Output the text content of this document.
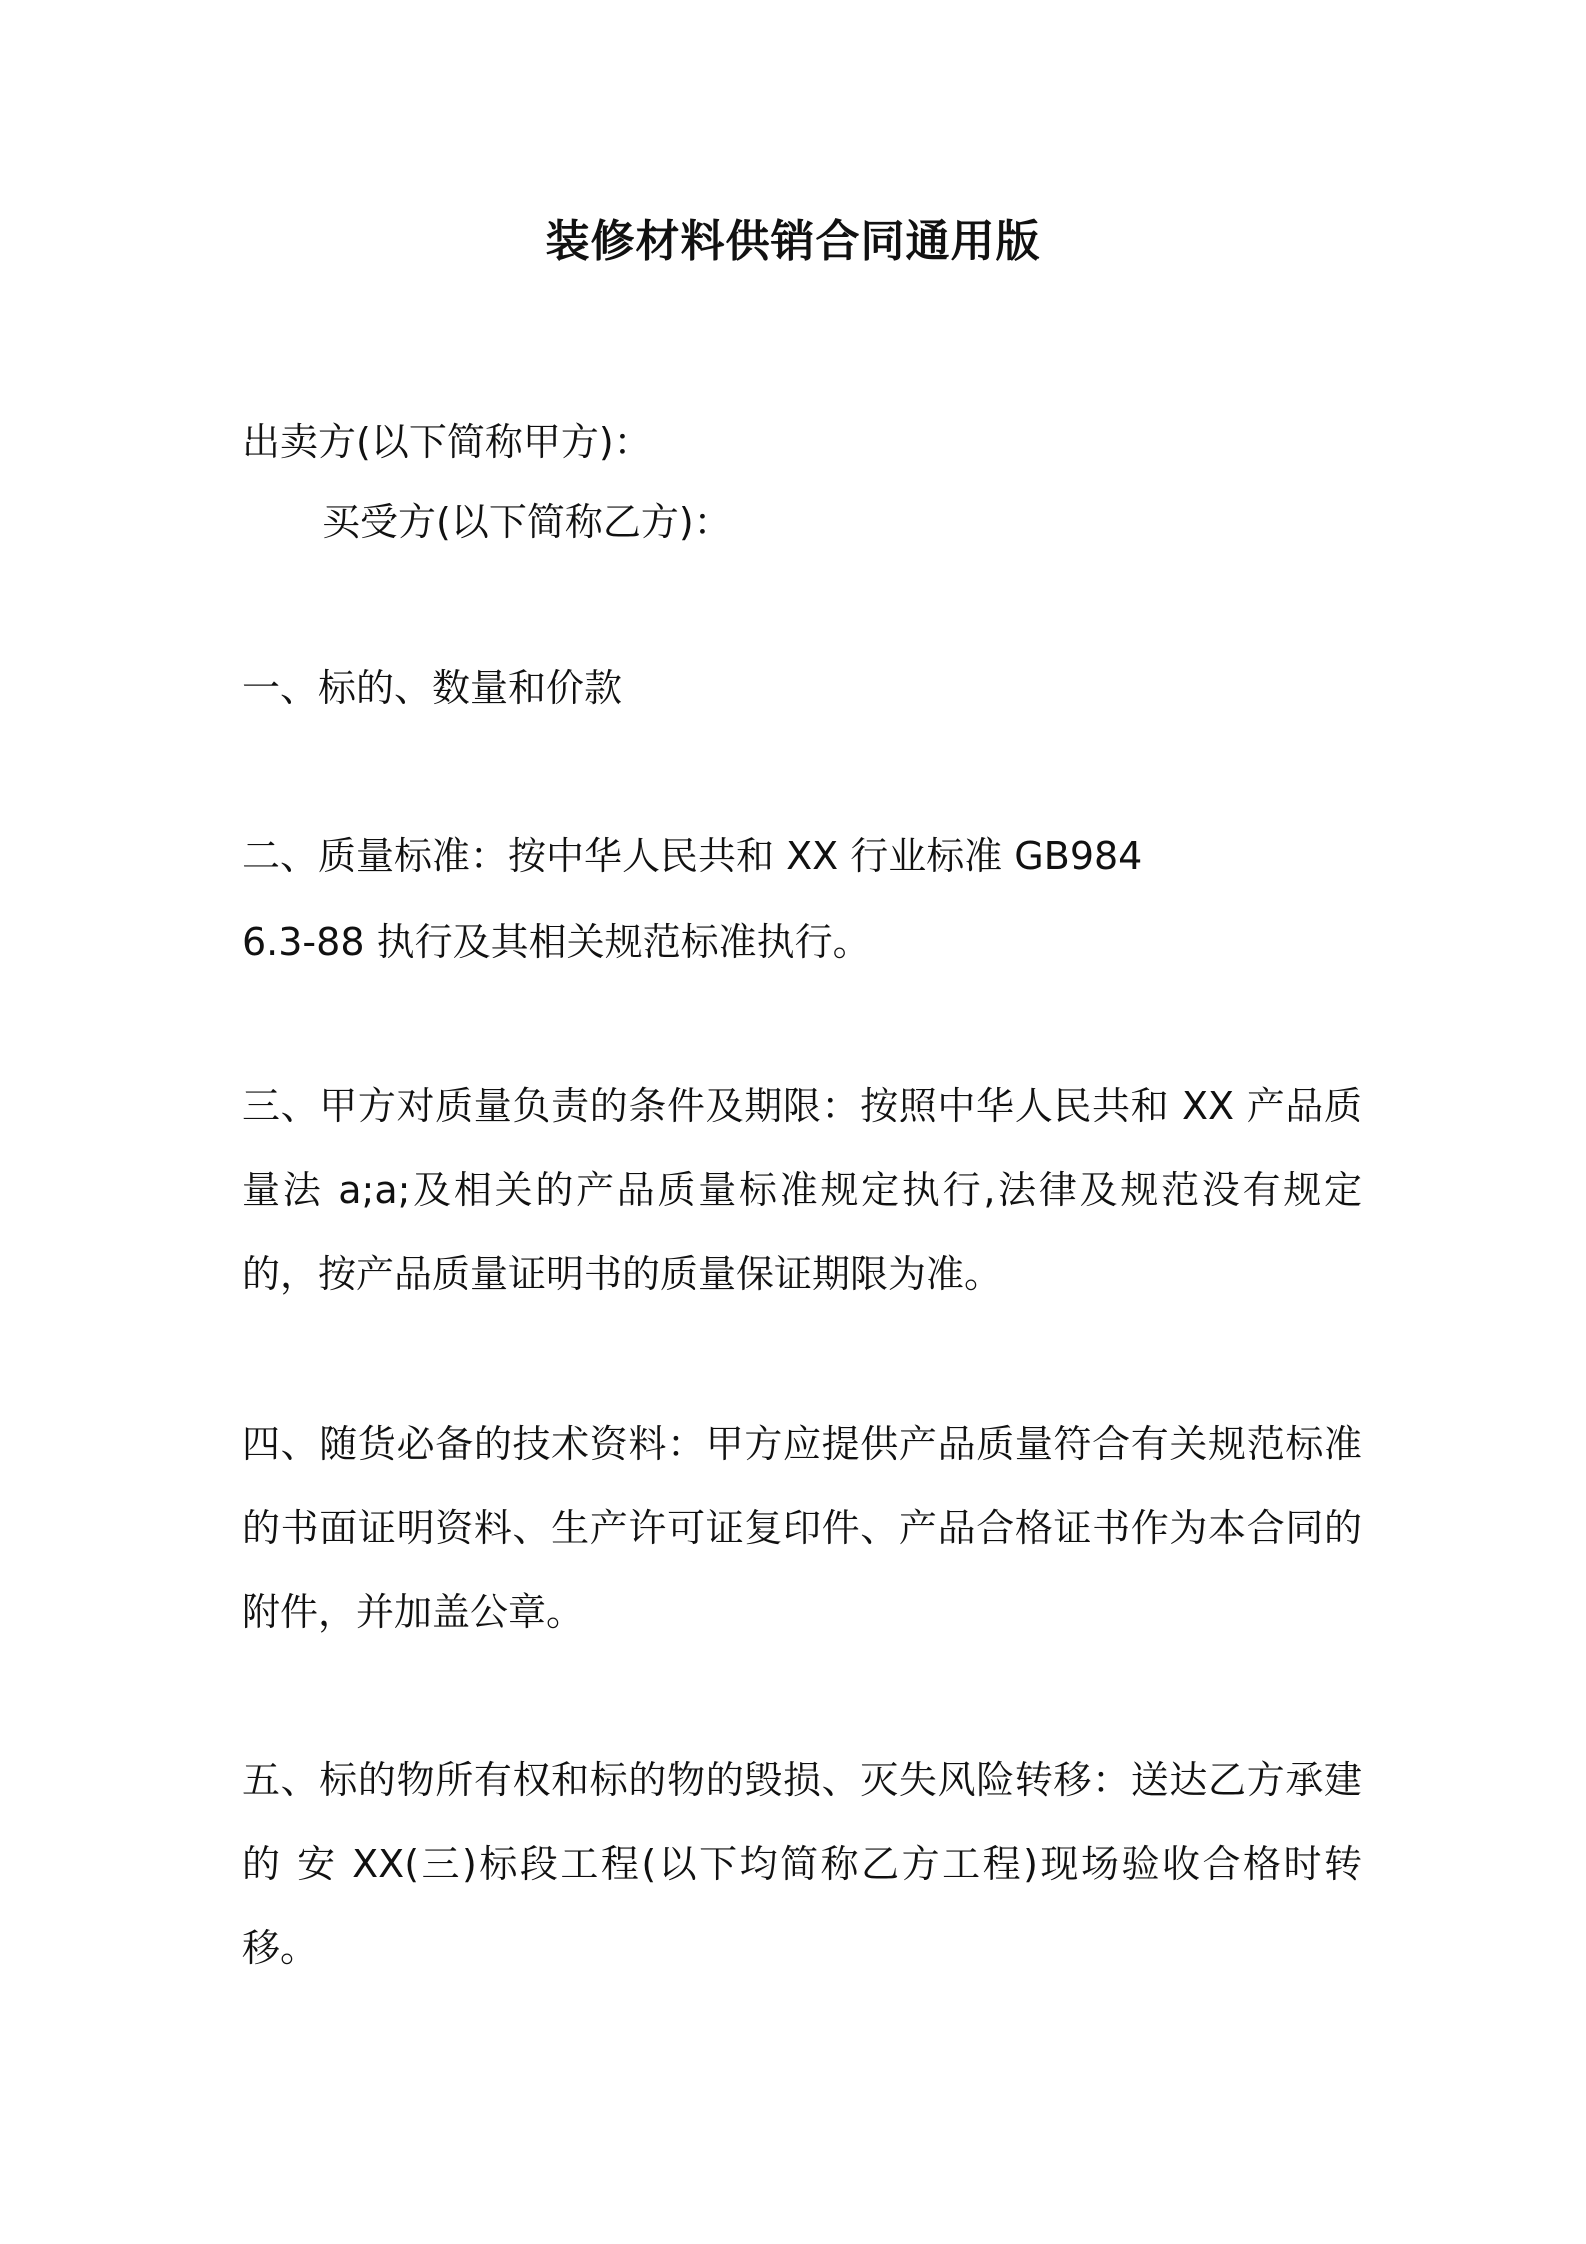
装修材料供销合同通用版
出卖方(以下简称甲方)：
买受方(以下简称乙方)：
一、标的、数量和价款
二、质量标准：按中华人民共和 XX 行业标准 GB984
6.3-88 执行及其相关规范标准执行。
三、甲方对质量负责的条件及期限：按照中华人民共和 XX 产品质量法 a;a;及相关的产品质量标准规定执行,法律及规范没有规定的，按产品质量证明书的质量保证期限为准。
四、随货必备的技术资料：甲方应提供产品质量符合有关规范标准的书面证明资料、生产许可证复印件、产品合格证书作为本合同的附件，并加盖公章。
五、标的物所有权和标的物的毁损、灭失风险转移：送达乙方承建的 安 XX(三)标段工程(以下均简称乙方工程)现场验收合格时转移。
